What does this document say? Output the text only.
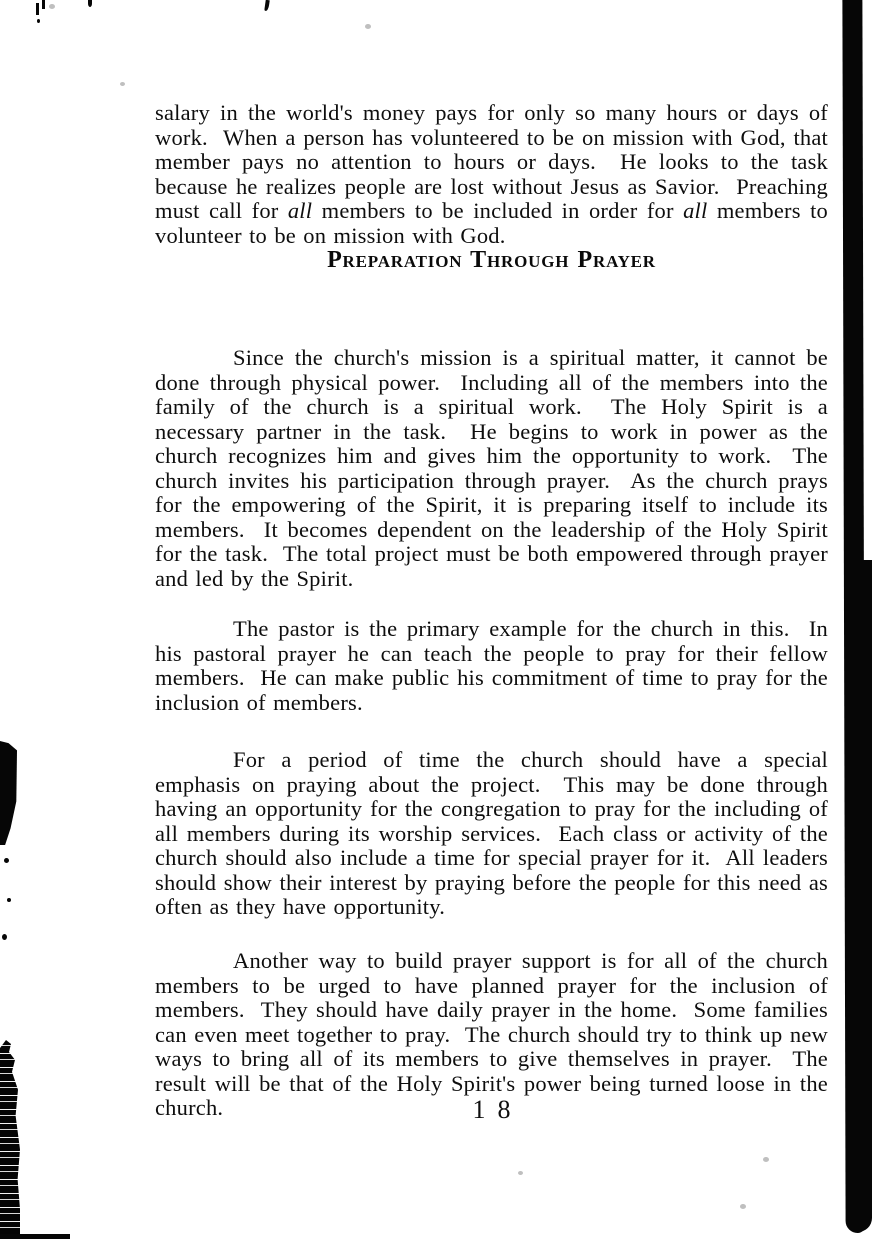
salary in the world's money pays for only so many hours or days of work.  When a person has volunteered to be on mission with God, that member pays no attention to hours or days.  He looks to the task because he realizes people are lost without Jesus as Savior.  Preaching must call for all members to be included in order for all members to volunteer to be on mission with God.

Preparation Through Prayer

Since the church's mission is a spiritual matter, it cannot be done through physical power.  Including all of the members into the family of the church is a spiritual work.  The Holy Spirit is a necessary partner in the task.  He begins to work in power as the church recognizes him and gives him the opportunity to work.  The church invites his participation through prayer.  As the church prays for the empowering of the Spirit, it is preparing itself to include its members.  It becomes dependent on the leadership of the Holy Spirit for the task.  The total project must be both empowered through prayer and led by the Spirit.

The pastor is the primary example for the church in this.  In his pastoral prayer he can teach the people to pray for their fellow members.  He can make public his commitment of time to pray for the inclusion of members.

For a period of time the church should have a special emphasis on praying about the project.  This may be done through having an opportunity for the congregation to pray for the including of all members during its worship services.  Each class or activity of the church should also include a time for special prayer for it.  All leaders should show their interest by praying before the people for this need as often as they have opportunity.

Another way to build prayer support is for all of the church members to be urged to have planned prayer for the inclusion of members.  They should have daily prayer in the home.  Some families can even meet together to pray.  The church should try to think up new ways to bring all of its members to give themselves in prayer.  The result will be that of the Holy Spirit's power being turned loose in the church.

	18
